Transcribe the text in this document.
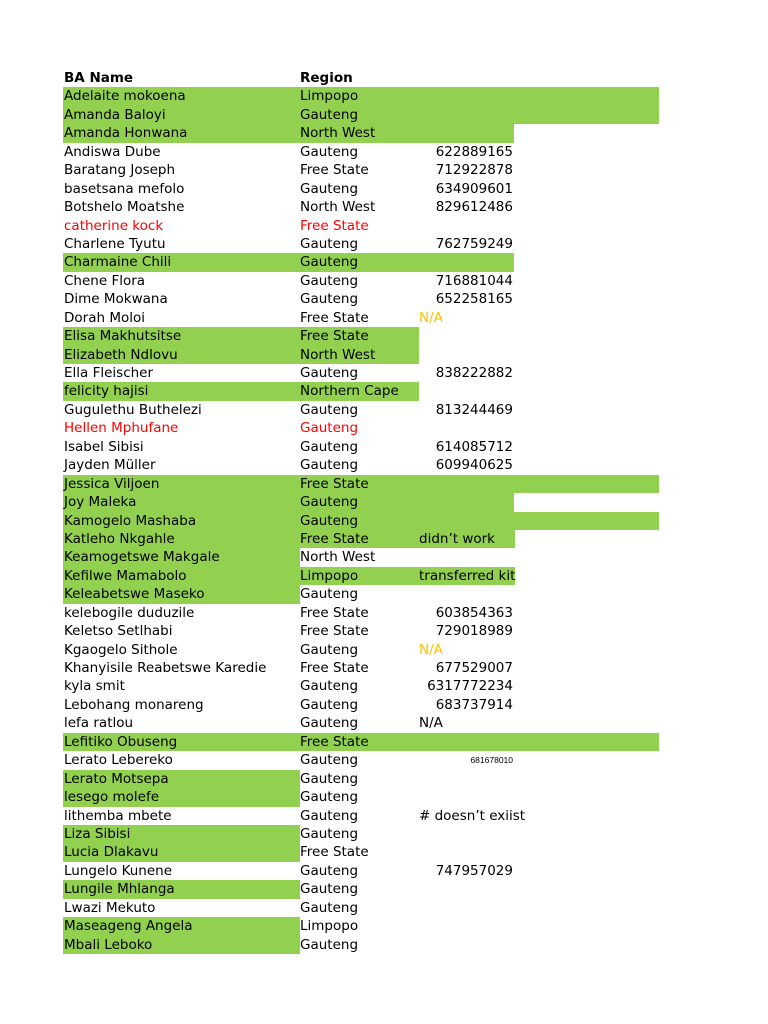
BA Name	Region
Adelaite mokoena	Limpopo
Amanda Baloyi	Gauteng
Amanda Honwana	North West
Andiswa Dube	Gauteng	622889165
Baratang Joseph	Free State	712922878
basetsana mefolo	Gauteng	634909601
Botshelo Moatshe	North West	829612486
catherine kock	Free State
Charlene Tyutu	Gauteng	762759249
Charmaine Chili	Gauteng
Chene Flora	Gauteng	716881044
Dime Mokwana	Gauteng	652258165
Dorah Moloi	Free State	N/A
Elisa Makhutsitse	Free State
Elizabeth Ndlovu	North West
Ella Fleischer	Gauteng	838222882
felicity hajisi	Northern Cape
Gugulethu Buthelezi	Gauteng	813244469
Hellen Mphufane	Gauteng
Isabel Sibisi	Gauteng	614085712
Jayden Müller	Gauteng	609940625
Jessica Viljoen	Free State
Joy Maleka	Gauteng
Kamogelo Mashaba	Gauteng
Katleho Nkgahle	Free State	didn’t work
Keamogetswe Makgale	North West
Kefilwe Mamabolo	Limpopo	transferred kit
Keleabetswe Maseko	Gauteng
kelebogile duduzile	Free State	603854363
Keletso Setlhabi	Free State	729018989
Kgaogelo Sithole	Gauteng	N/A
Khanyisile Reabetswe Karedie	Free State	677529007
kyla smit	Gauteng	6317772234
Lebohang monareng	Gauteng	683737914
lefa ratlou	Gauteng	N/A
Lefitiko Obuseng	Free State
Lerato Lebereko	Gauteng	681678010
Lerato Motsepa	Gauteng
lesego molefe	Gauteng
lithemba mbete	Gauteng	# doesn’t exiist
Liza Sibisi	Gauteng
Lucia Dlakavu	Free State
Lungelo Kunene	Gauteng	747957029
Lungile Mhlanga	Gauteng
Lwazi Mekuto	Gauteng
Maseageng Angela	Limpopo
Mbali Leboko	Gauteng
